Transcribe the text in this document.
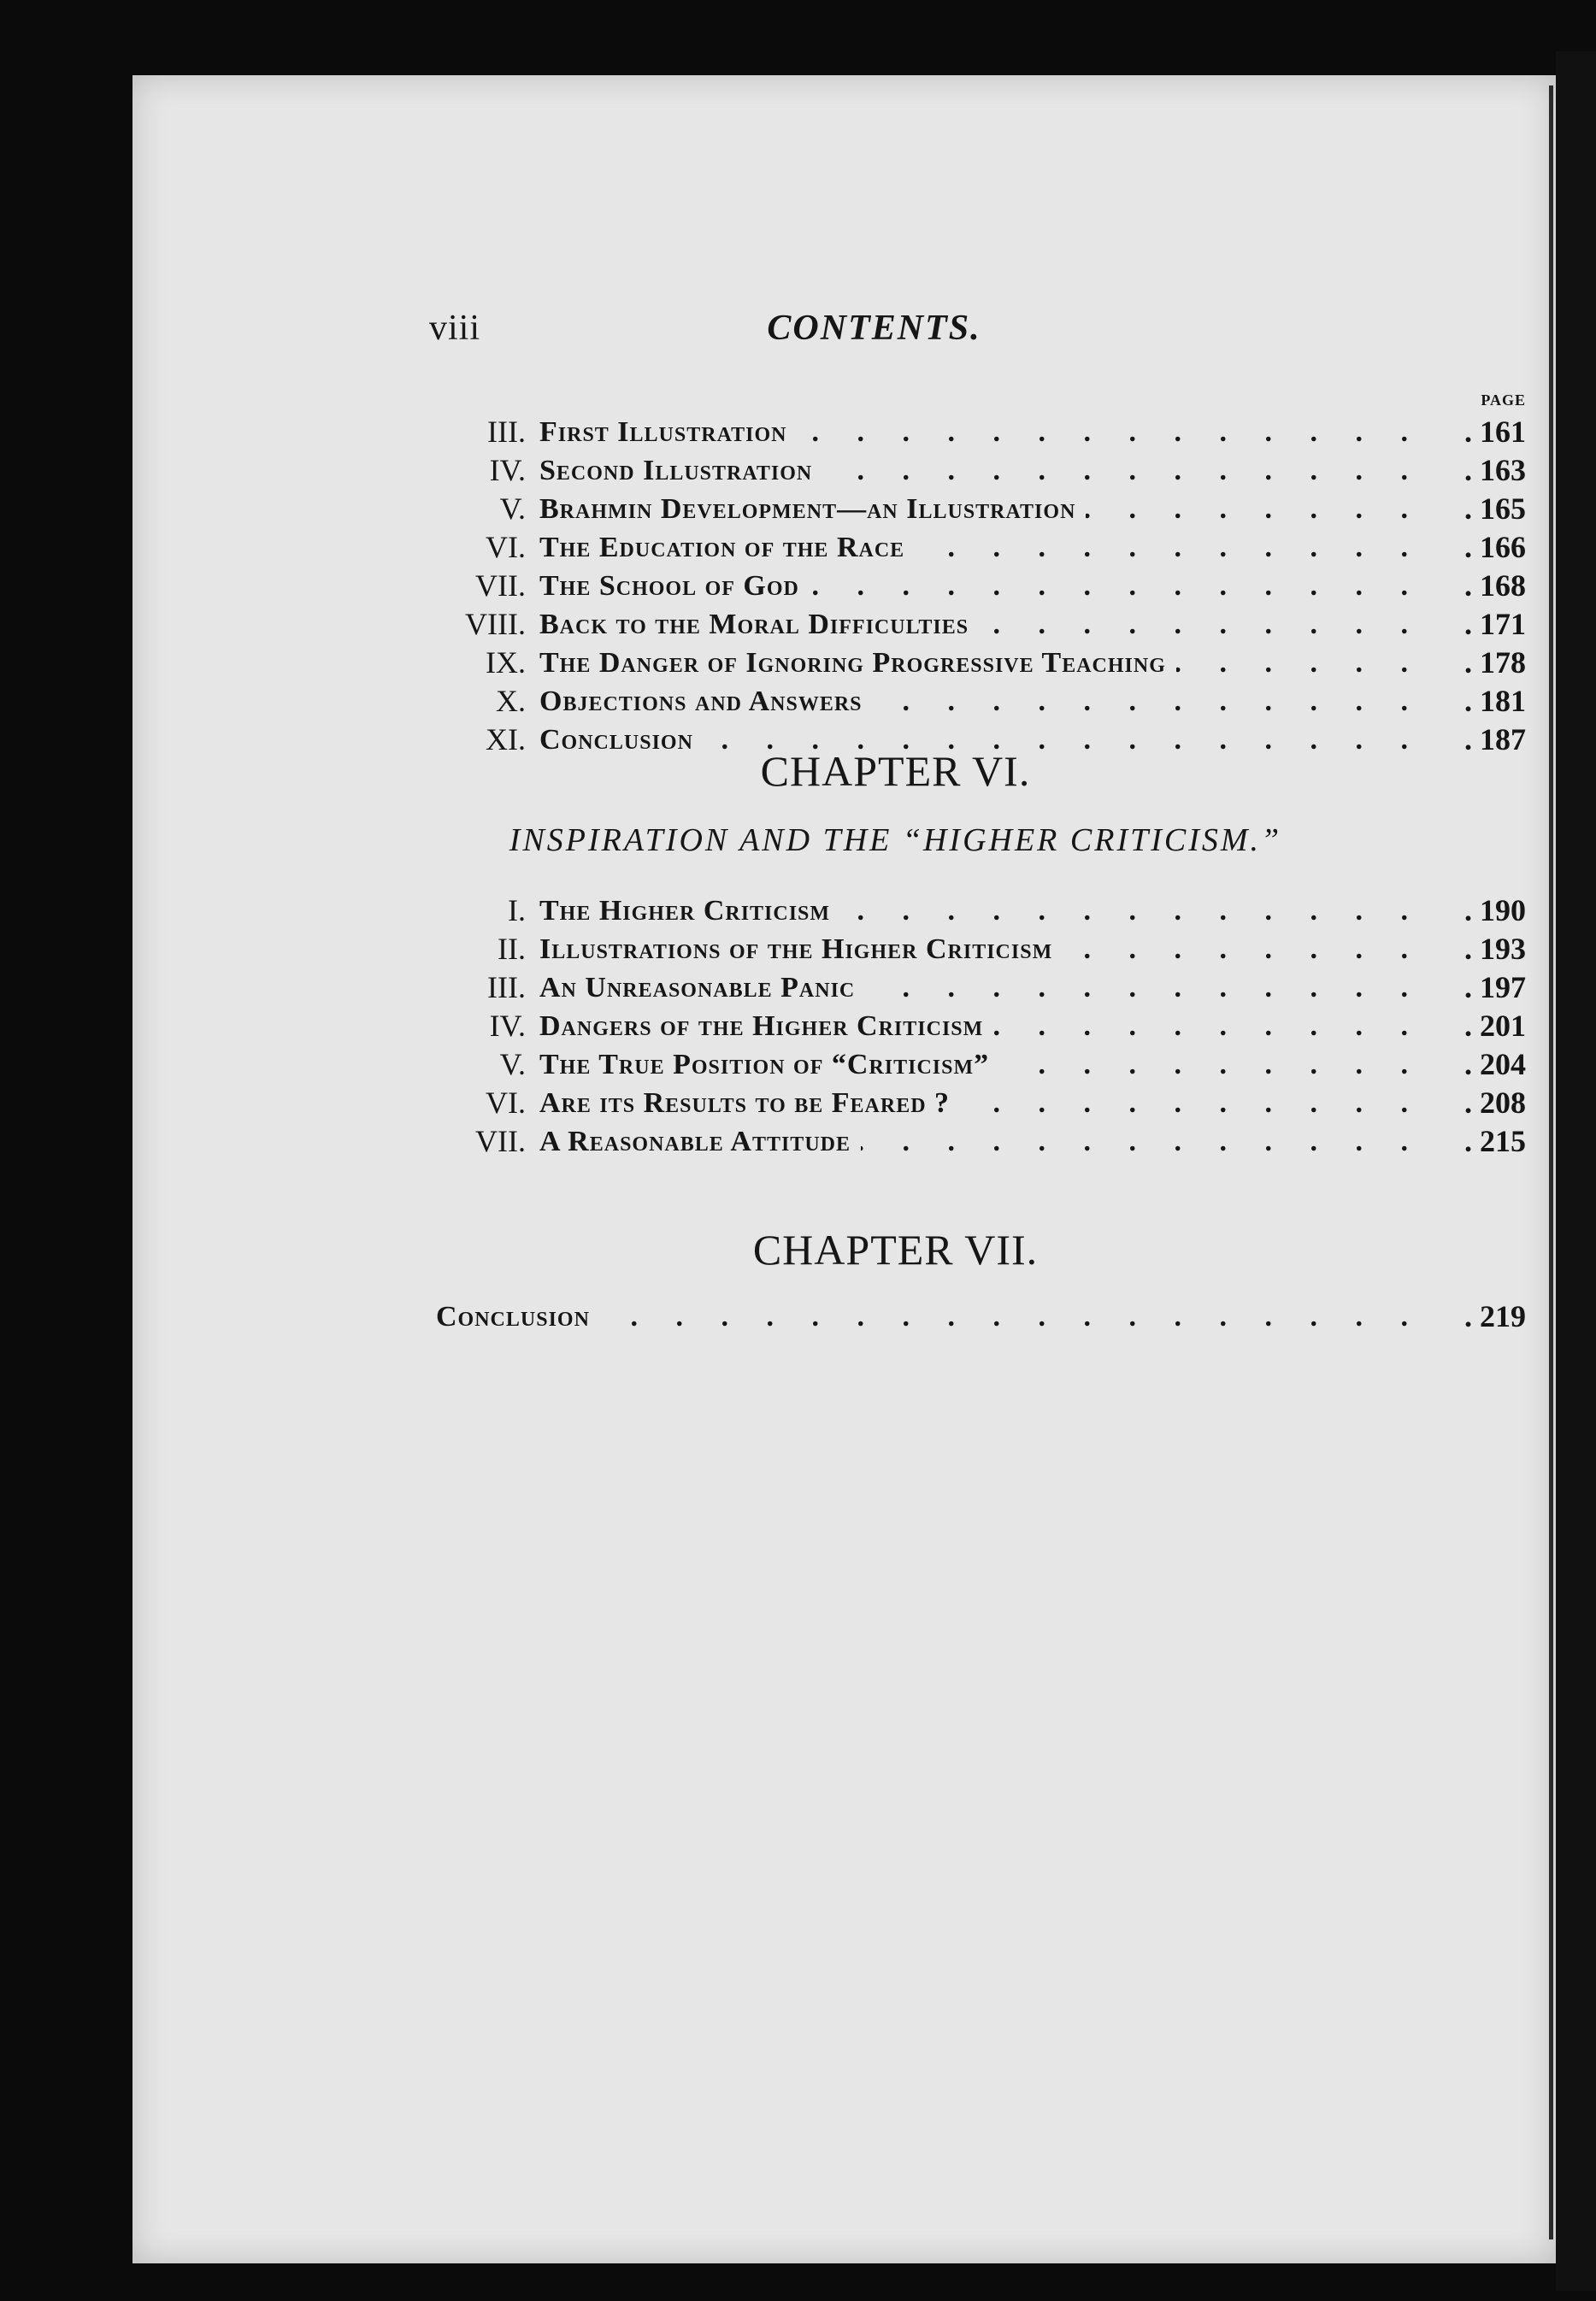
viii	CONTENTS.
PAGE
III. First Illustration . . .	. 161
IV. Second Illustration . . .	. 163
V. Brahmin Development—an Illustration . . .	. 165
VI. The Education of the Race . . .	. 166
VII. The School of God . . .	. 168
VIII. Back to the Moral Difficulties . . .	. 171
IX. The Danger of Ignoring Progressive Teaching . . .	. 178
X. Objections and Answers . . .	. 181
XI. Conclusion . . .	. 187
CHAPTER VI.
INSPIRATION AND THE “HIGHER CRITICISM.”
I. The Higher Criticism . . .	. 190
II. Illustrations of the Higher Criticism . . .	. 193
III. An Unreasonable Panic . . .	. 197
IV. Dangers of the Higher Criticism . . .	. 201
V. The True Position of “Criticism” . . .	. 204
VI. Are its Results to be Feared ? . . .	. 208
VII. A Reasonable Attitude . . .	. 215
CHAPTER VII.
Conclusion . . .	. 219
